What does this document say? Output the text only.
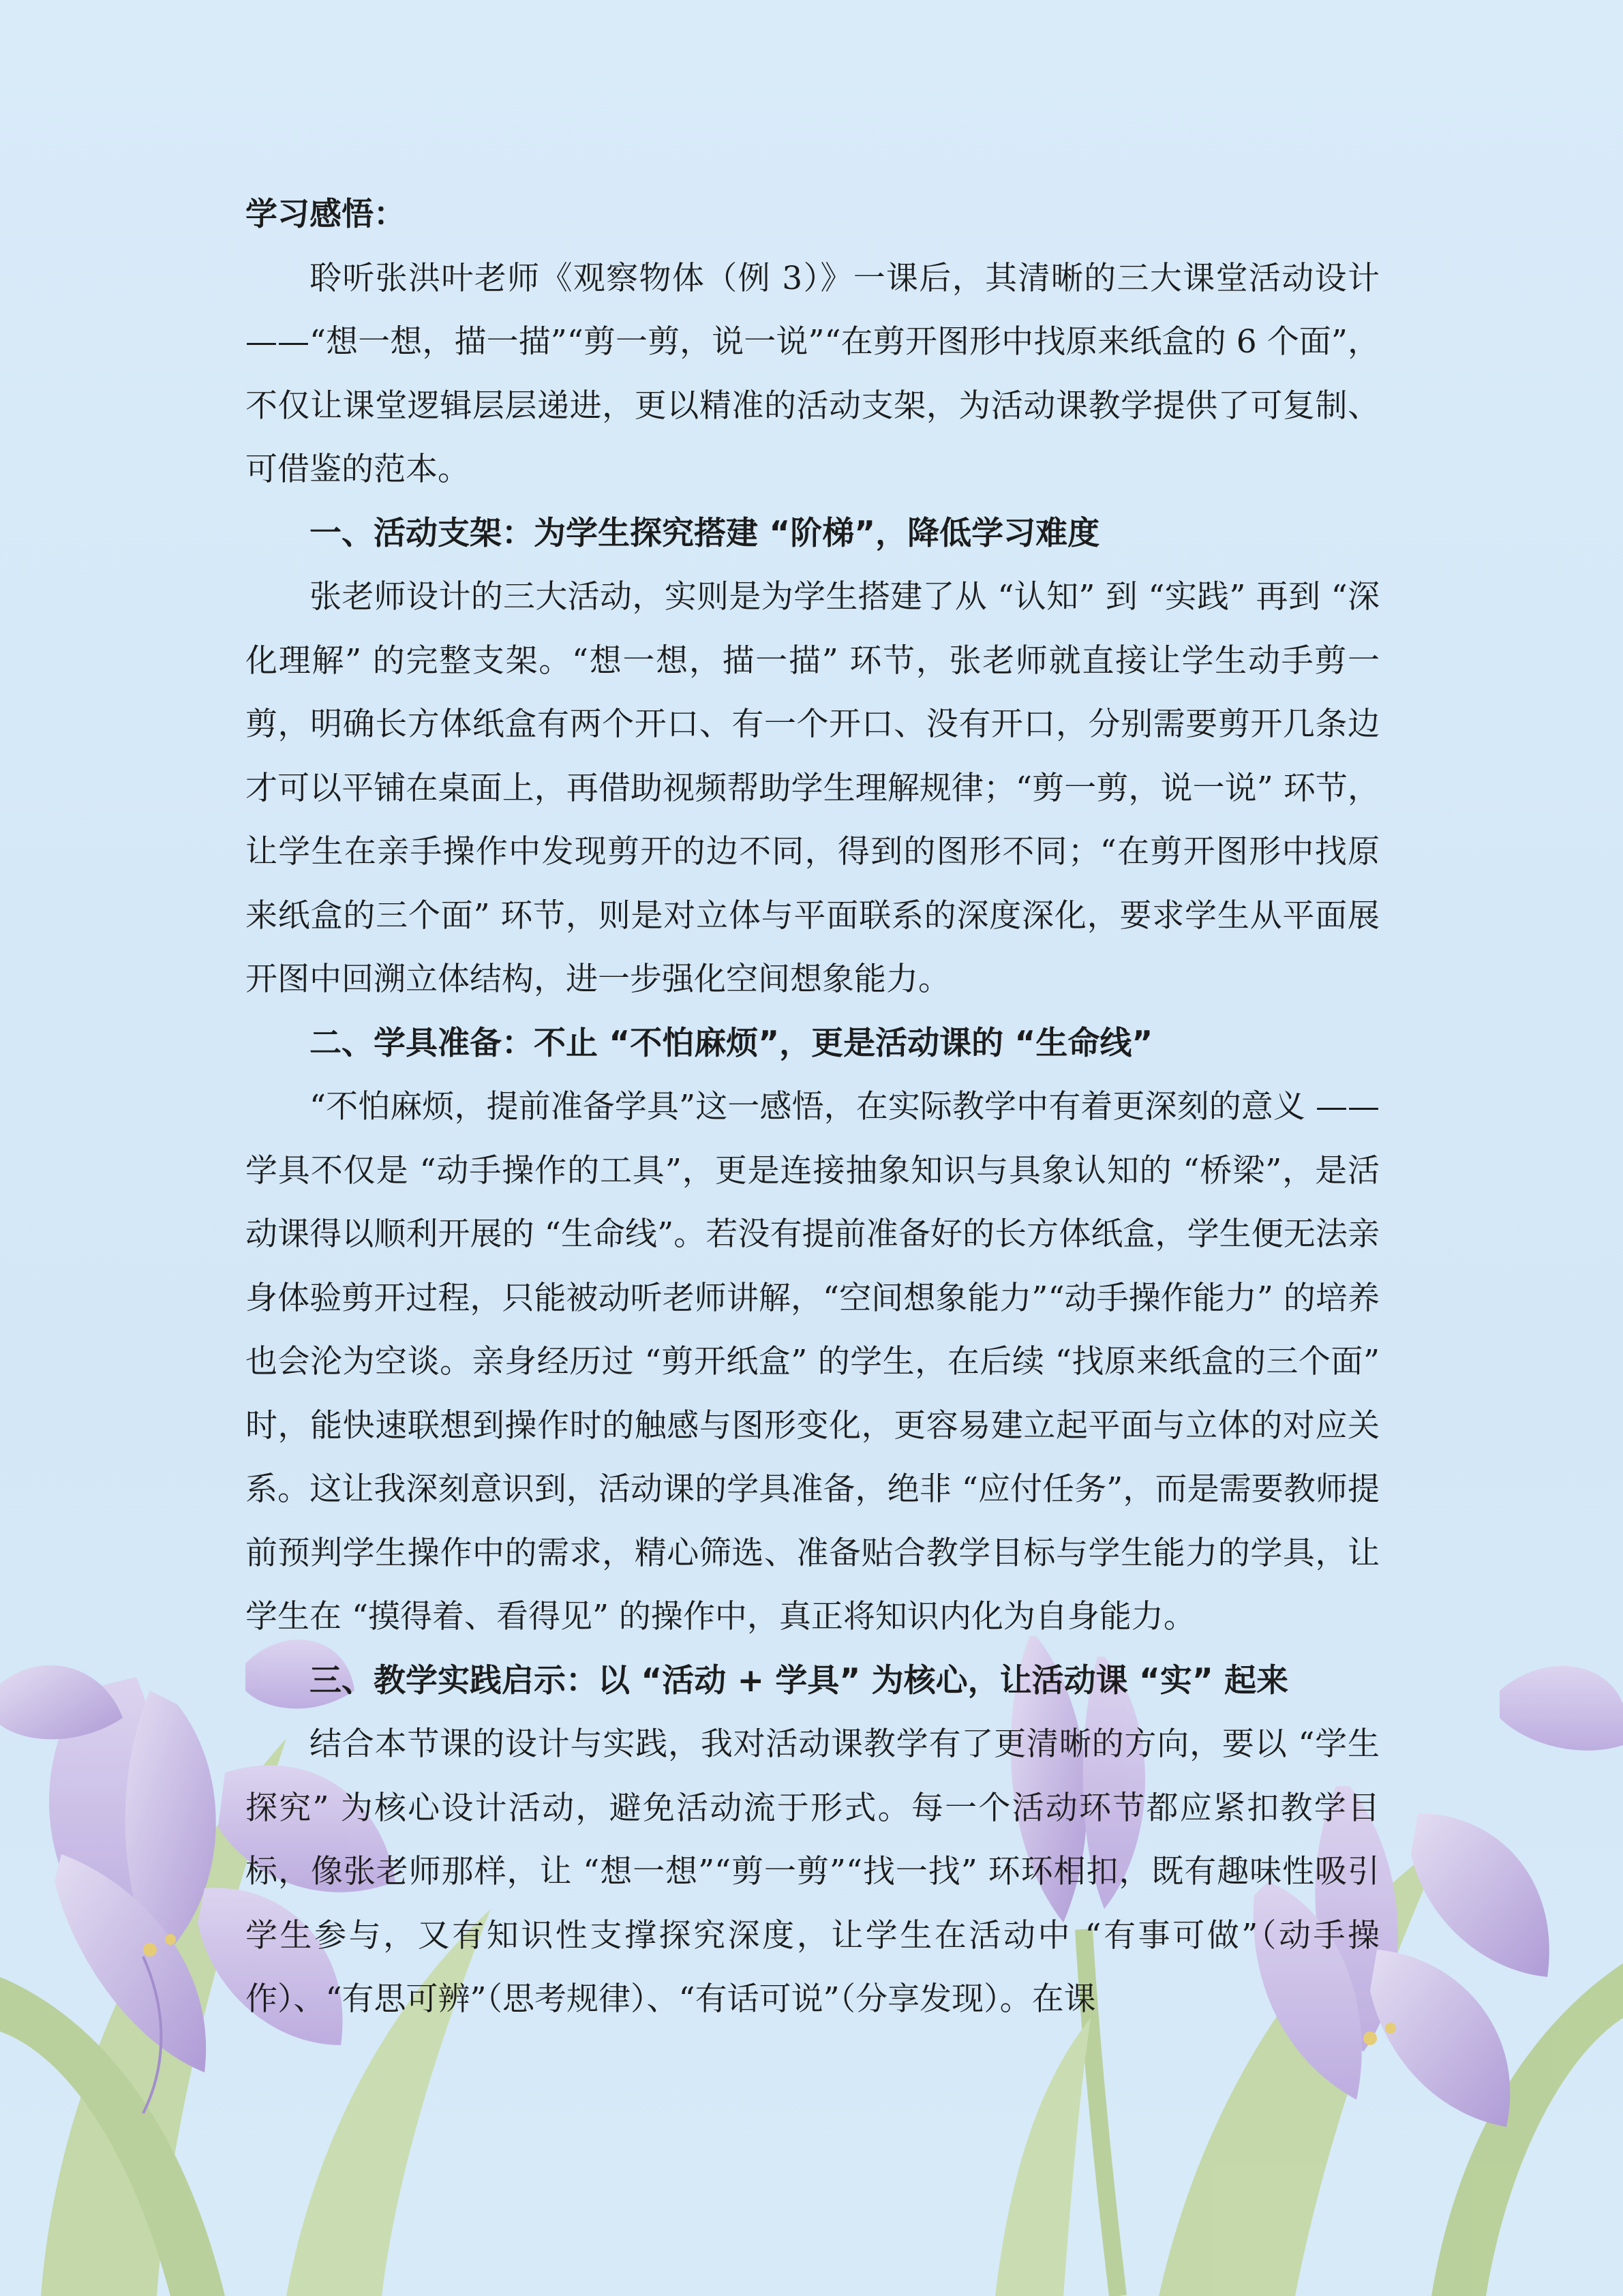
学习感悟：

聆听张洪叶老师《观察物体（例 3）》一课后，其清晰的三大课堂活动设计——“想一想，描一描”“剪一剪，说一说”“在剪开图形中找原来纸盒的 6 个面”，不仅让课堂逻辑层层递进，更以精准的活动支架，为活动课教学提供了可复制、可借鉴的范本。

一、活动支架：为学生探究搭建 “阶梯”，降低学习难度

张老师设计的三大活动，实则是为学生搭建了从 “认知” 到 “实践” 再到 “深化理解” 的完整支架。“想一想，描一描” 环节，张老师就直接让学生动手剪一剪，明确长方体纸盒有两个开口、有一个开口、没有开口，分别需要剪开几条边才可以平铺在桌面上，再借助视频帮助学生理解规律；“剪一剪，说一说” 环节，让学生在亲手操作中发现剪开的边不同，得到的图形不同；“在剪开图形中找原来纸盒的三个面” 环节，则是对立体与平面联系的深度深化，要求学生从平面展开图中回溯立体结构，进一步强化空间想象能力。

二、学具准备：不止 “不怕麻烦”，更是活动课的 “生命线”

“不怕麻烦，提前准备学具”这一感悟，在实际教学中有着更深刻的意义 —— 学具不仅是 “动手操作的工具”，更是连接抽象知识与具象认知的 “桥梁”，是活动课得以顺利开展的 “生命线”。若没有提前准备好的长方体纸盒，学生便无法亲身体验剪开过程，只能被动听老师讲解，“空间想象能力”“动手操作能力” 的培养也会沦为空谈。亲身经历过 “剪开纸盒” 的学生，在后续 “找原来纸盒的三个面” 时，能快速联想到操作时的触感与图形变化，更容易建立起平面与立体的对应关系。这让我深刻意识到，活动课的学具准备，绝非 “应付任务”，而是需要教师提前预判学生操作中的需求，精心筛选、准备贴合教学目标与学生能力的学具，让学生在 “摸得着、看得见” 的操作中，真正将知识内化为自身能力。

三、教学实践启示：以 “活动 + 学具” 为核心，让活动课 “实” 起来

结合本节课的设计与实践，我对活动课教学有了更清晰的方向，要以 “学生探究” 为核心设计活动，避免活动流于形式。每一个活动环节都应紧扣教学目标，像张老师那样，让 “想一想”“剪一剪”“找一找” 环环相扣，既有趣味性吸引学生参与，又有知识性支撑探究深度，让学生在活动中 “有事可做”（动手操作）、“有思可辨”（思考规律）、“有话可说”（分享发现）。在课
